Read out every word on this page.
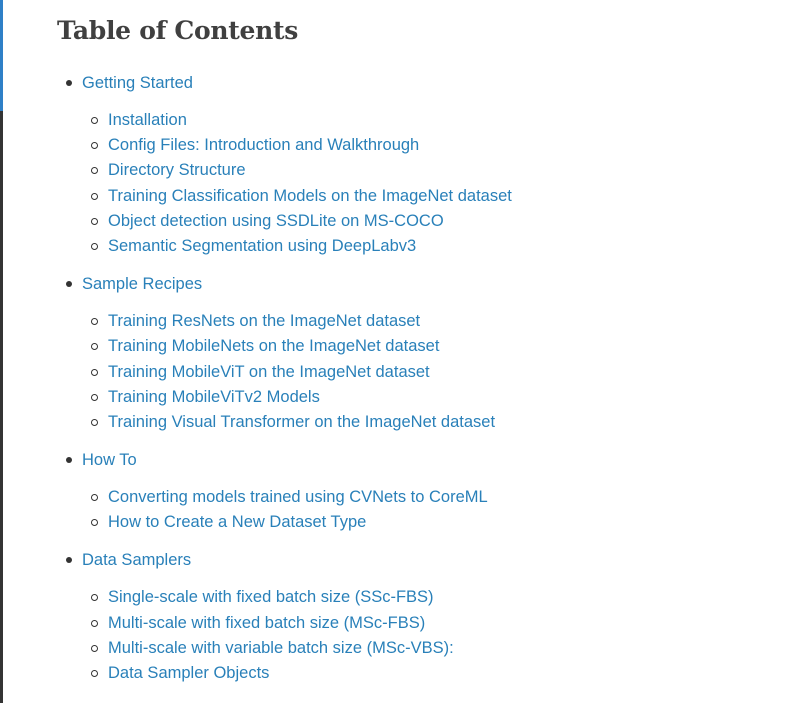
Table of Contents
Getting Started
Installation
Config Files: Introduction and Walkthrough
Directory Structure
Training Classification Models on the ImageNet dataset
Object detection using SSDLite on MS-COCO
Semantic Segmentation using DeepLabv3
Sample Recipes
Training ResNets on the ImageNet dataset
Training MobileNets on the ImageNet dataset
Training MobileViT on the ImageNet dataset
Training MobileViTv2 Models
Training Visual Transformer on the ImageNet dataset
How To
Converting models trained using CVNets to CoreML
How to Create a New Dataset Type
Data Samplers
Single-scale with fixed batch size (SSc-FBS)
Multi-scale with fixed batch size (MSc-FBS)
Multi-scale with variable batch size (MSc-VBS):
Data Sampler Objects
